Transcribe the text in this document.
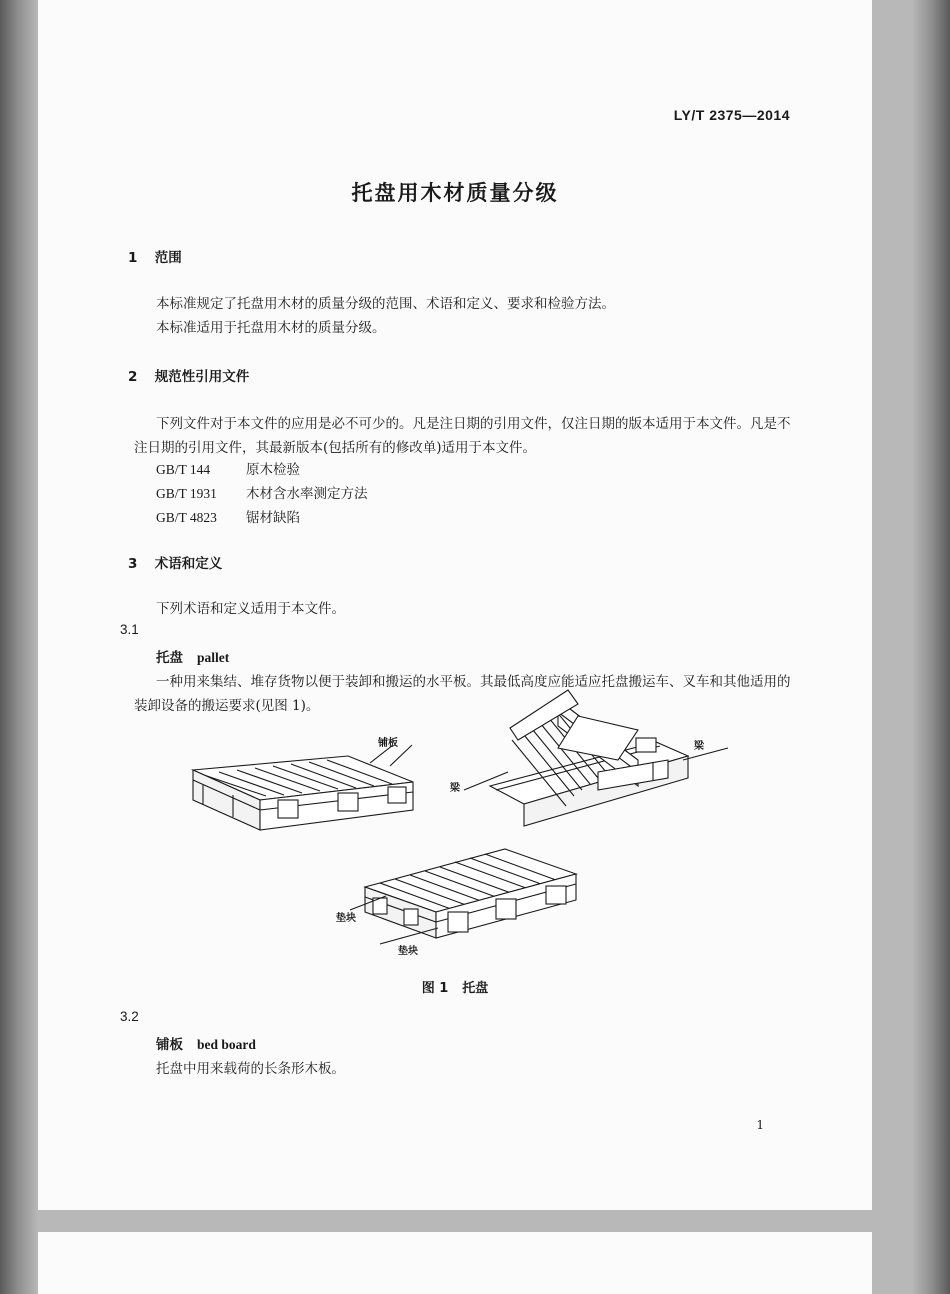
LY/T 2375—2014
托盘用木材质量分级
1 范围
本标准规定了托盘用木材的质量分级的范围、术语和定义、要求和检验方法。
本标准适用于托盘用木材的质量分级。
2 规范性引用文件
下列文件对于本文件的应用是必不可少的。凡是注日期的引用文件，仅注日期的版本适用于本文件。凡是不注日期的引用文件，其最新版本(包括所有的修改单)适用于本文件。
GB/T 144	原木检验
GB/T 1931 木材含水率测定方法
GB/T 4823 锯材缺陷
3 术语和定义
下列术语和定义适用于本文件。
3.1
托盘 pallet
一种用来集结、堆存货物以便于装卸和搬运的水平板。其最低高度应能适应托盘搬运车、叉车和其他适用的装卸设备的搬运要求(见图 1)。
铺板
梁
梁
垫块
垫块
图 1 托盘
3.2
铺板 bed board
托盘中用来载荷的长条形木板。
1
